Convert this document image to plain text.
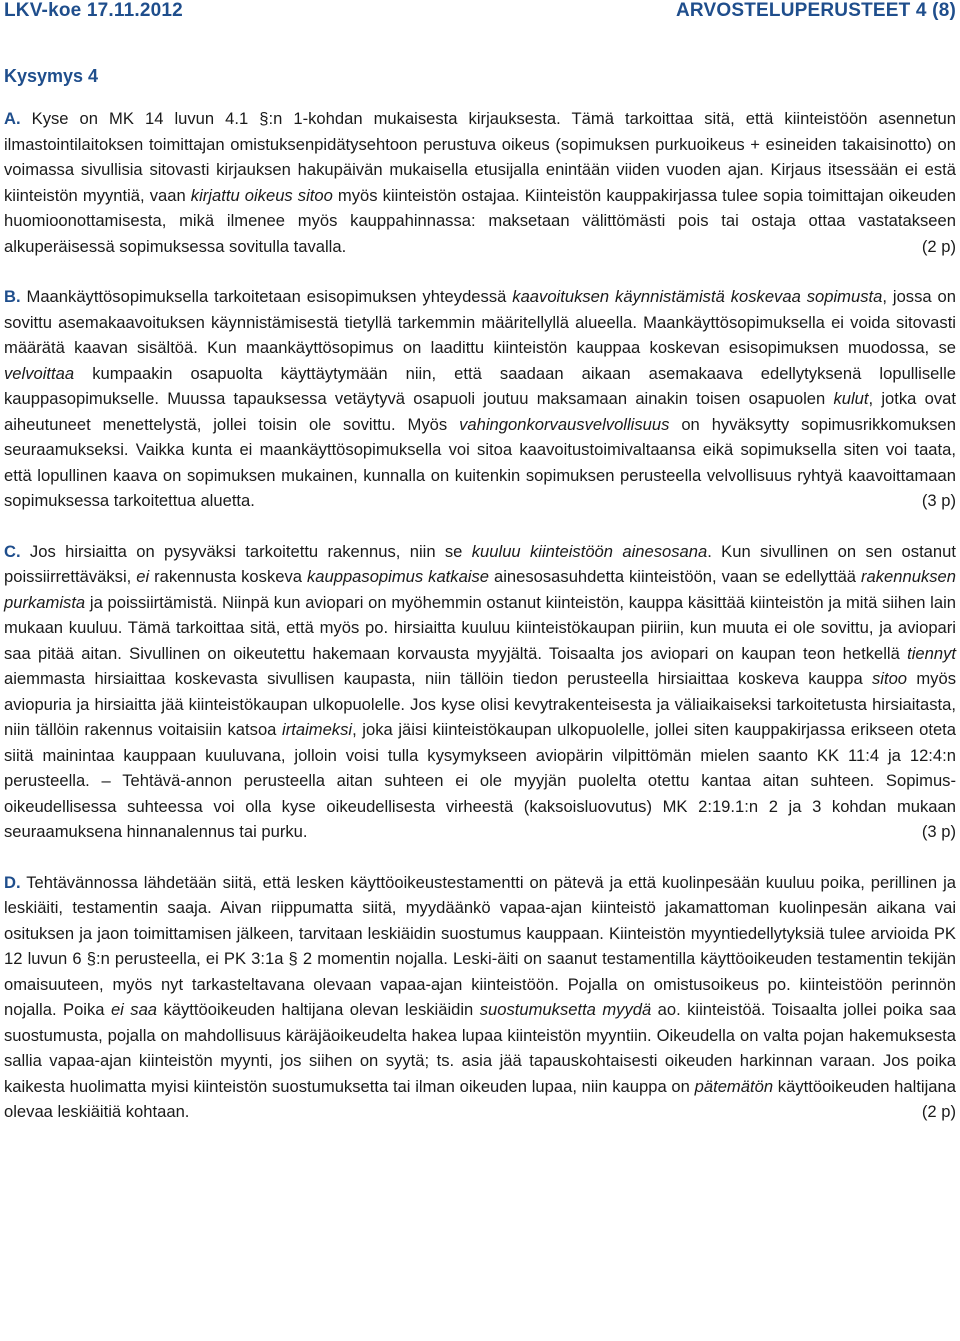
LKV-koe 17.11.2012	ARVOSTELUPERUSTEET 4 (8)
Kysymys 4

A. Kyse on MK 14 luvun 4.1 §:n 1-kohdan mukaisesta kirjauksesta. Tämä tarkoittaa sitä, että kiinteistöön asennetun ilmastointilaitoksen toimittajan omistuksenpidätysehtoon perustuva oikeus (sopimuksen purkuoikeus + esineiden takaisinotto) on voimassa sivullisia sitovasti kirjauksen hakupäivän mukaisella etusijalla enintään viiden vuoden ajan. Kirjaus itsessään ei estä kiinteistön myyntiä, vaan kirjattu oikeus sitoo myös kiinteistön ostajaa. Kiinteistön kauppakirjassa tulee sopia toimittajan oikeuden huomioonottamisesta, mikä ilmenee myös kauppahinnassa: maksetaan välittömästi pois tai ostaja ottaa vastatakseen alkuperäisessä sopimuksessa sovitulla tavalla.	(2 p)

B. Maankäyttösopimuksella tarkoitetaan esisopimuksen yhteydessä kaavoituksen käynnistämistä koskevaa sopimusta, jossa on sovittu asemakaavoituksen käynnistämisestä tietyllä tarkemmin määritellyllä alueella. Maankäyttösopimuksella ei voida sitovasti määrätä kaavan sisältöä. Kun maankäyttösopimus on laadittu kiinteistön kauppaa koskevan esisopimuksen muodossa, se velvoittaa kumpaakin osapuolta käyttäytymään niin, että saadaan aikaan asemakaava edellytyksenä lopulliselle kauppasopimukselle. Muussa tapauksessa vetäytyvä osapuoli joutuu maksamaan ainakin toisen osapuolen kulut, jotka ovat aiheutuneet menettelystä, jollei toisin ole sovittu. Myös vahingonkorvausvelvollisuus on hyväksytty sopimusrikkomuksen seuraamukseksi. Vaikka kunta ei maankäyttösopimuksella voi sitoa kaavoitustoimivaltaansa eikä sopimuksella siten voi taata, että lopullinen kaava on sopimuksen mukainen, kunnalla on kuitenkin sopimuksen perusteella velvollisuus ryhtyä kaavoittamaan sopimuksessa tarkoitettua aluetta.	(3 p)

C. Jos hirsiaitta on pysyväksi tarkoitettu rakennus, niin se kuuluu kiinteistöön ainesosana. Kun sivullinen on sen ostanut poissiirrettäväksi, ei rakennusta koskeva kauppasopimus katkaise ainesosasuhdetta kiinteistöön, vaan se edellyttää rakennuksen purkamista ja poissiirtämistä. Niinpä kun aviopari on myöhemmin ostanut kiinteistön, kauppa käsittää kiinteistön ja mitä siihen lain mukaan kuuluu. Tämä tarkoittaa sitä, että myös po. hirsiaitta kuuluu kiinteistökaupan piiriin, kun muuta ei ole sovittu, ja aviopari saa pitää aitan. Sivullinen on oikeutettu hakemaan korvausta myyjältä. Toisaalta jos aviopari on kaupan teon hetkellä tiennyt aiemmasta hirsiaittaa koskevasta sivullisen kaupasta, niin tällöin tiedon perusteella hirsiaittaa koskeva kauppa sitoo myös aviopuria ja hirsiaitta jää kiinteistökaupan ulkopuolelle. Jos kyse olisi kevytrakenteisesta ja väliaikaiseksi tarkoitetusta hirsiaitasta, niin tällöin rakennus voitaisiin katsoa irtaimeksi, joka jäisi kiinteistökaupan ulkopuolelle, jollei siten kauppakirjassa erikseen oteta siitä mainintaa kauppaan kuuluvana, jolloin voisi tulla kysymykseen aviopärin vilpittömän mielen saanto KK 11:4 ja 12:4:n perusteella. – Tehtävä-annon perusteella aitan suhteen ei ole myyjän puolelta otettu kantaa aitan suhteen. Sopimus-oikeudellisessa suhteessa voi olla kyse oikeudellisesta virheestä (kaksoisluovutus) MK 2:19.1:n 2 ja 3 kohdan mukaan seuraamuksena hinnanalennus tai purku.	(3 p)

D. Tehtävännossa lähdetään siitä, että lesken käyttöoikeustestamentti on pätevä ja että kuolinpesään kuuluu poika, perillinen ja leskiäiti, testamentin saaja. Aivan riippumatta siitä, myydäänkö vapaa-ajan kiinteistö jakamattoman kuolinpesän aikana vai osituksen ja jaon toimittamisen jälkeen, tarvitaan leskiäidin suostumus kauppaan. Kiinteistön myyntiedellytyksiä tulee arvioida PK 12 luvun 6 §:n perusteella, ei PK 3:1a § 2 momentin nojalla. Leski-äiti on saanut testamentilla käyttöoikeuden testamentin tekijän omaisuuteen, myös nyt tarkasteltavana olevaan vapaa-ajan kiinteistöön. Pojalla on omistusoikeus po. kiinteistöön perinnön nojalla. Poika ei saa käyttöoikeuden haltijana olevan leskiäidin suostumuksetta myydä ao. kiinteistöä. Toisaalta jollei poika saa suostumusta, pojalla on mahdollisuus käräjäoikeudelta hakea lupaa kiinteistön myyntiin. Oikeudella on valta pojan hakemuksesta sallia vapaa-ajan kiinteistön myynti, jos siihen on syytä; ts. asia jää tapauskohtaisesti oikeuden harkinnan varaan. Jos poika kaikesta huolimatta myisi kiinteistön suostumuksetta tai ilman oikeuden lupaa, niin kauppa on pätemätön käyttöoikeuden haltijana olevaa leskiäitiä kohtaan.	(2 p)
